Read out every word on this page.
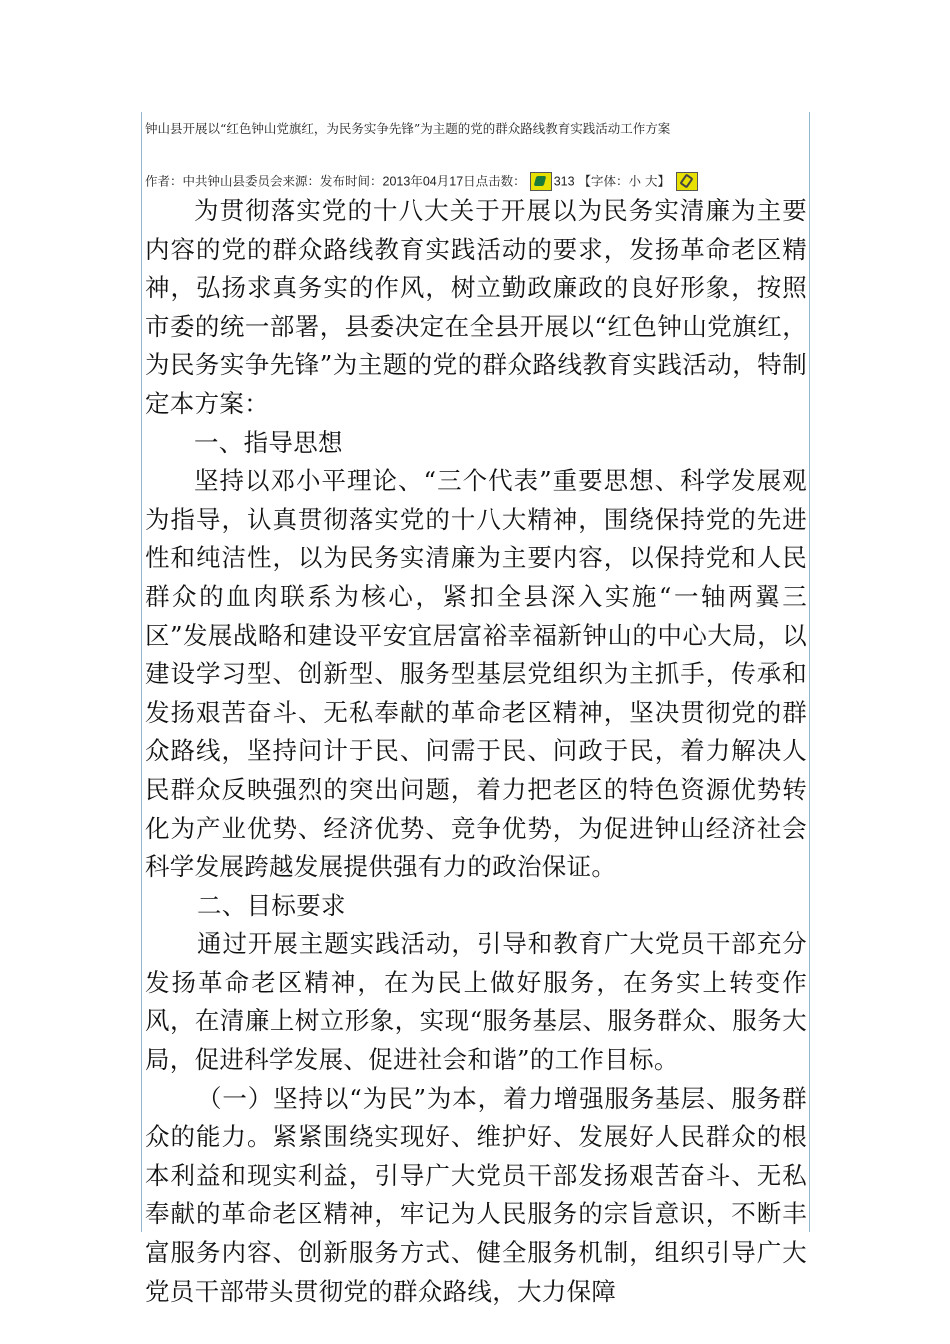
钟山县开展以“红色钟山党旗红，为民务实争先锋”为主题的党的群众路线教育实践活动工作方案
作者：中共钟山县委员会来源：发布时间：2013年04月17日点击数： 313 【字体：小 大】

为贯彻落实党的十八大关于开展以为民务实清廉为主要内容的党的群众路线教育实践活动的要求，发扬革命老区精神，弘扬求真务实的作风，树立勤政廉政的良好形象，按照市委的统一部署，县委决定在全县开展以“红色钟山党旗红，为民务实争先锋”为主题的党的群众路线教育实践活动，特制定本方案：

一、指导思想

坚持以邓小平理论、“三个代表”重要思想、科学发展观为指导，认真贯彻落实党的十八大精神，围绕保持党的先进性和纯洁性，以为民务实清廉为主要内容，以保持党和人民群众的血肉联系为核心，紧扣全县深入实施“一轴两翼三区”发展战略和建设平安宜居富裕幸福新钟山的中心大局，以建设学习型、创新型、服务型基层党组织为主抓手，传承和发扬艰苦奋斗、无私奉献的革命老区精神，坚决贯彻党的群众路线，坚持问计于民、问需于民、问政于民，着力解决人民群众反映强烈的突出问题，着力把老区的特色资源优势转化为产业优势、经济优势、竞争优势，为促进钟山经济社会科学发展跨越发展提供强有力的政治保证。

二、目标要求

通过开展主题实践活动，引导和教育广大党员干部充分发扬革命老区精神，在为民上做好服务，在务实上转变作风，在清廉上树立形象，实现“服务基层、服务群众、服务大局，促进科学发展、促进社会和谐”的工作目标。

（一）坚持以“为民”为本，着力增强服务基层、服务群众的能力。紧紧围绕实现好、维护好、发展好人民群众的根本利益和现实利益，引导广大党员干部发扬艰苦奋斗、无私奉献的革命老区精神，牢记为人民服务的宗旨意识，不断丰富服务内容、创新服务方式、健全服务机制，组织引导广大党员干部带头贯彻党的群众路线，大力保障
